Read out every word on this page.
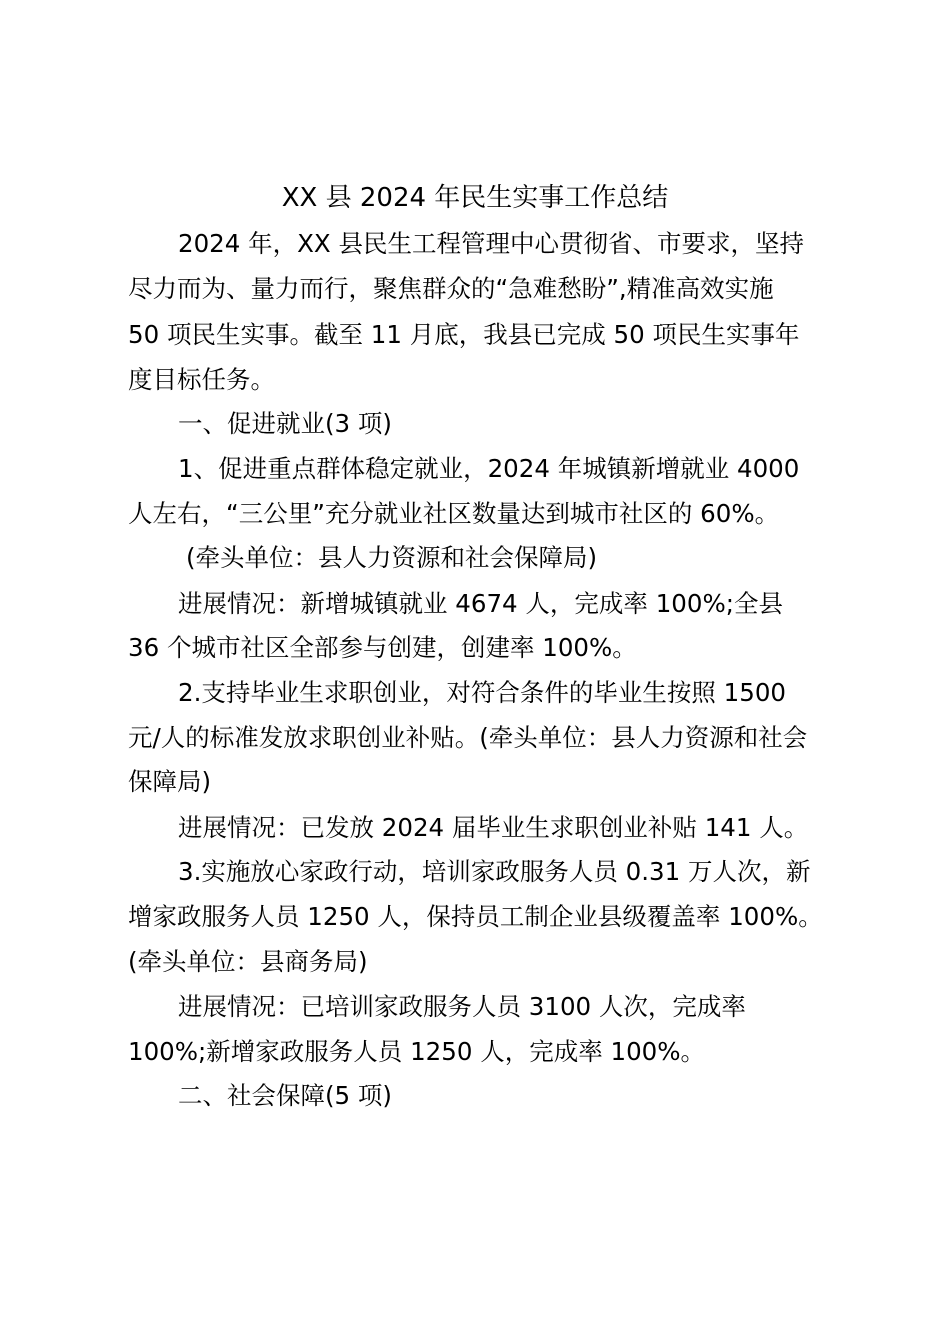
XX 县 2024 年民生实事工作总结
2024 年，XX 县民生工程管理中心贯彻省、市要求，坚持
尽力而为、量力而行，聚焦群众的“急难愁盼”,精准高效实施
50 项民生实事。截至 11 月底，我县已完成 50 项民生实事年
度目标任务。
一、促进就业(3 项)
1、促进重点群体稳定就业，2024 年城镇新增就业 4000
人左右，“三公里”充分就业社区数量达到城市社区的 60%。
(牵头单位：县人力资源和社会保障局)
进展情况：新增城镇就业 4674 人，完成率 100%;全县
36 个城市社区全部参与创建，创建率 100%。
2.支持毕业生求职创业，对符合条件的毕业生按照 1500
元/人的标准发放求职创业补贴。(牵头单位：县人力资源和社会
保障局)
进展情况：已发放 2024 届毕业生求职创业补贴 141 人。
3.实施放心家政行动，培训家政服务人员 0.31 万人次，新
增家政服务人员 1250 人，保持员工制企业县级覆盖率 100%。
(牵头单位：县商务局)
进展情况：已培训家政服务人员 3100 人次，完成率
100%;新增家政服务人员 1250 人，完成率 100%。
二、社会保障(5 项)
